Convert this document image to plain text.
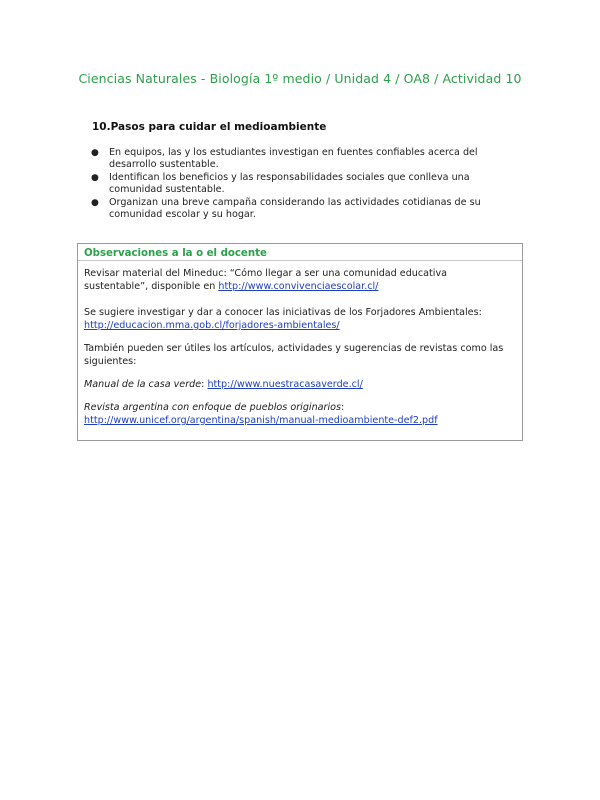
Ciencias Naturales - Biología 1º medio / Unidad 4 / OA8 / Actividad 10
10.Pasos para cuidar el medioambiente
● En equipos, las y los estudiantes investigan en fuentes confiables acerca del desarrollo sustentable.
● Identifican los beneficios y las responsabilidades sociales que conlleva una comunidad sustentable.
● Organizan una breve campaña considerando las actividades cotidianas de su comunidad escolar y su hogar.
Observaciones a la o el docente
Revisar material del Mineduc: “Cómo llegar a ser una comunidad educativa sustentable”, disponible en http://www.convivenciaescolar.cl/
Se sugiere investigar y dar a conocer las iniciativas de los Forjadores Ambientales:
http://educacion.mma.gob.cl/forjadores-ambientales/
También pueden ser útiles los artículos, actividades y sugerencias de revistas como las siguientes:
Manual de la casa verde: http://www.nuestracasaverde.cl/
Revista argentina con enfoque de pueblos originarios:
http://www.unicef.org/argentina/spanish/manual-medioambiente-def2.pdf
